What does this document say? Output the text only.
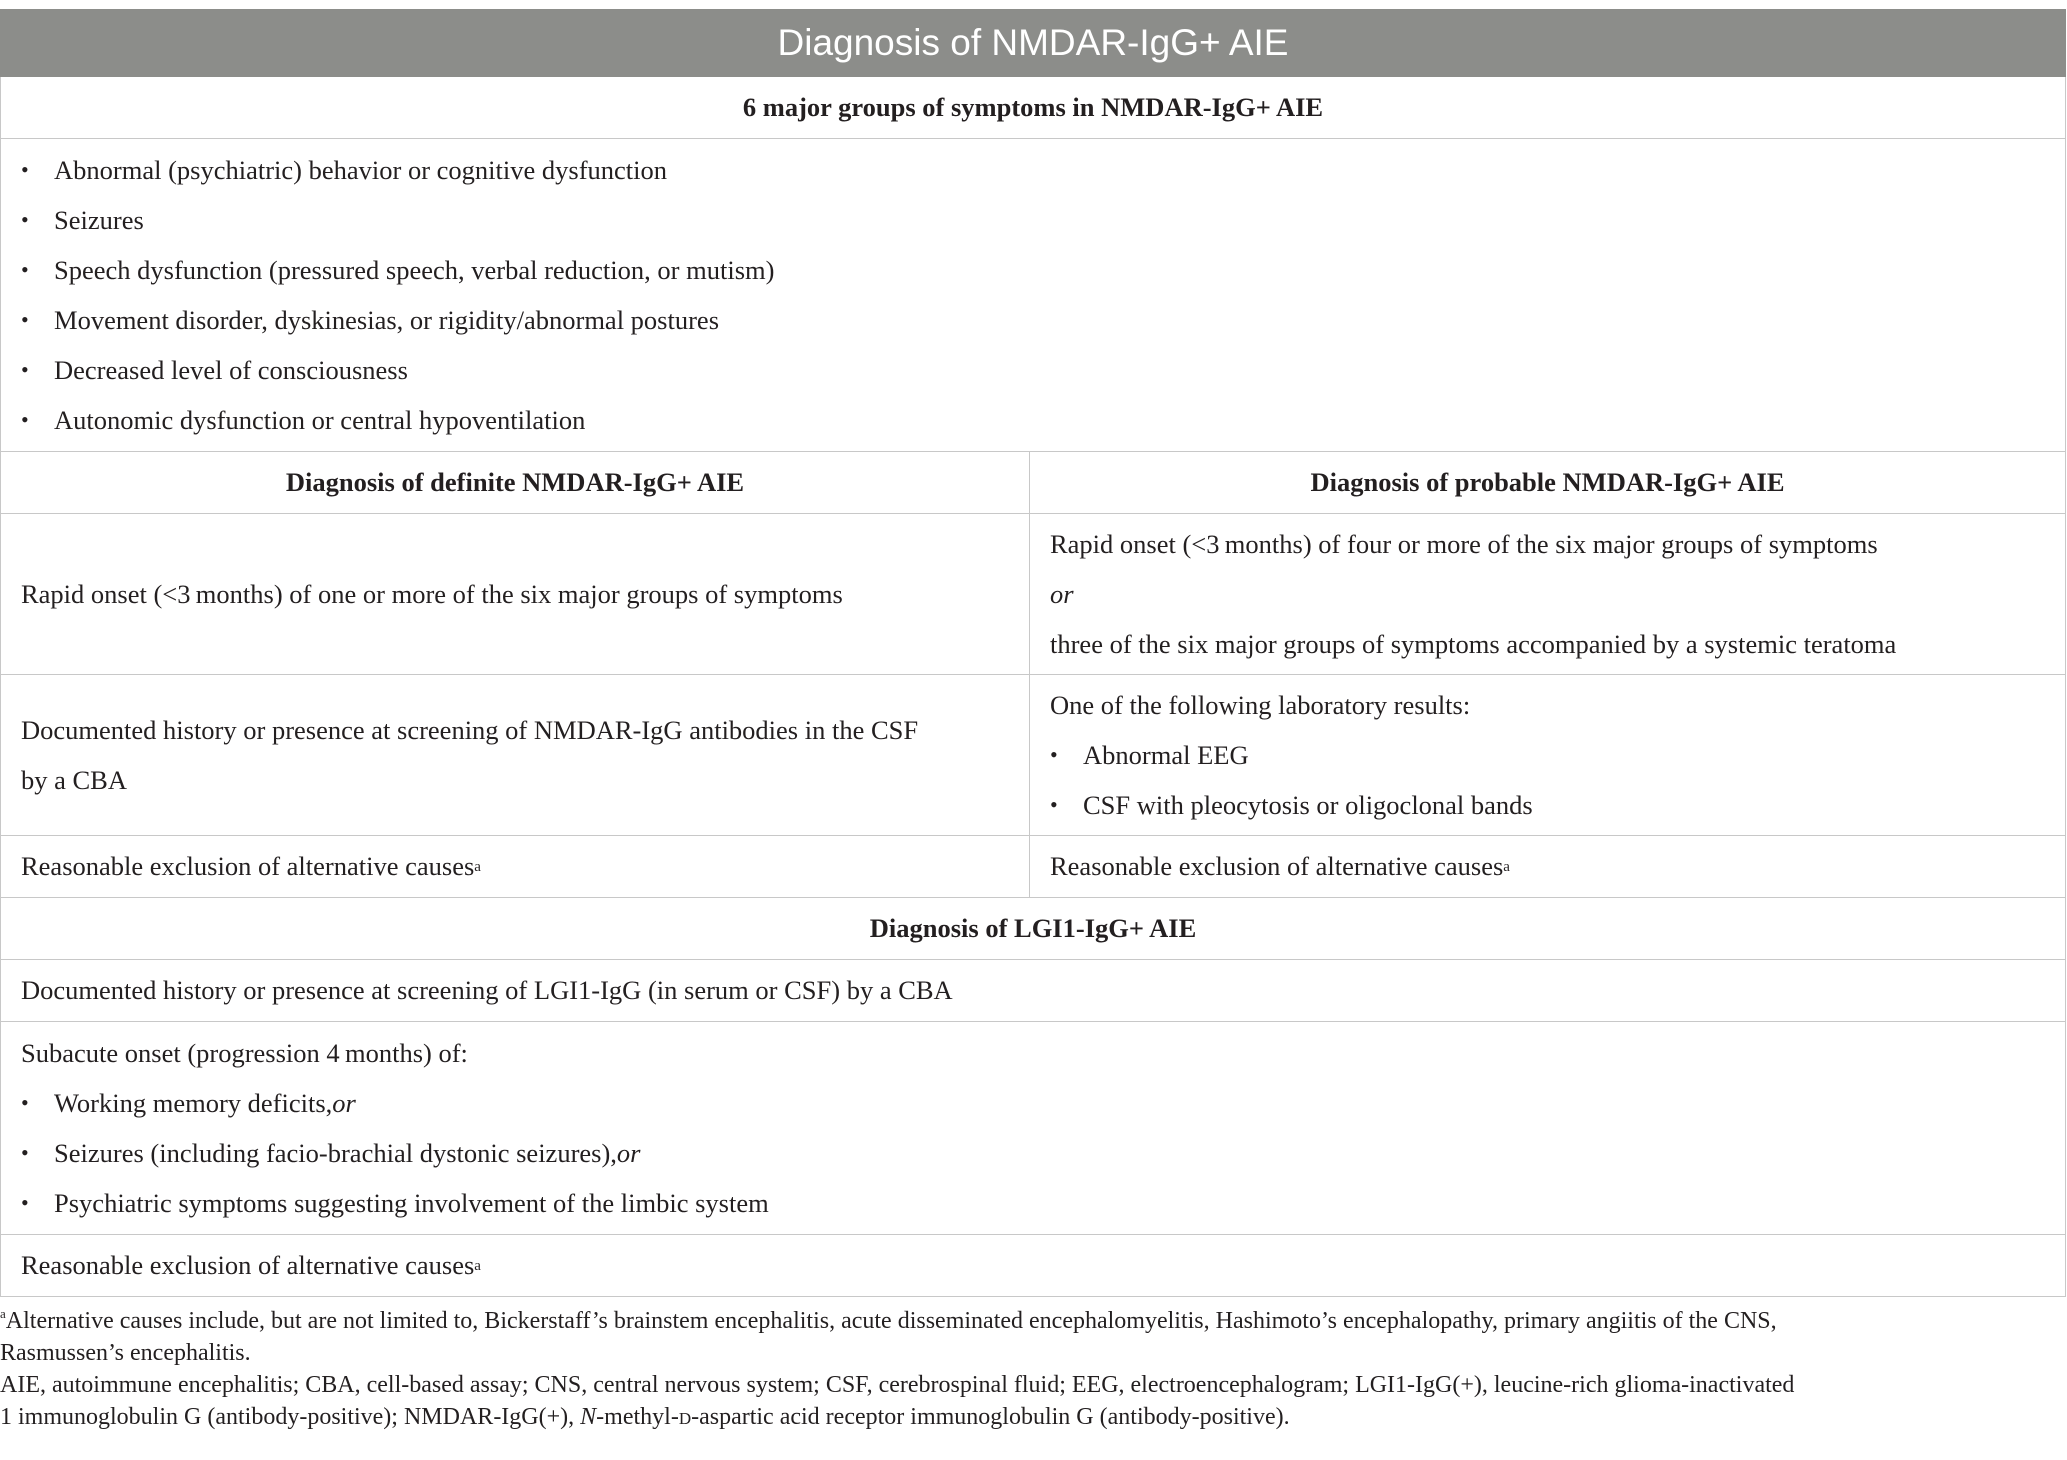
Diagnosis of NMDAR-IgG+ AIE
6 major groups of symptoms in NMDAR-IgG+ AIE
• Abnormal (psychiatric) behavior or cognitive dysfunction
• Seizures
• Speech dysfunction (pressured speech, verbal reduction, or mutism)
• Movement disorder, dyskinesias, or rigidity/abnormal postures
• Decreased level of consciousness
• Autonomic dysfunction or central hypoventilation
Diagnosis of definite NMDAR-IgG+ AIE	Diagnosis of probable NMDAR-IgG+ AIE
Rapid onset (<3 months) of one or more of the six major groups of symptoms
Rapid onset (<3 months) of four or more of the six major groups of symptoms
or
three of the six major groups of symptoms accompanied by a systemic teratoma
Documented history or presence at screening of NMDAR-IgG antibodies in the CSF
by a CBA
One of the following laboratory results:
• Abnormal EEG
• CSF with pleocytosis or oligoclonal bands
Reasonable exclusion of alternative causes a	Reasonable exclusion of alternative causes a
Diagnosis of LGI1-IgG+ AIE
Documented history or presence at screening of LGI1-IgG (in serum or CSF) by a CBA
Subacute onset (progression 4 months) of:
• Working memory deficits, or
• Seizures (including facio-brachial dystonic seizures), or
• Psychiatric symptoms suggesting involvement of the limbic system
Reasonable exclusion of alternative causes a
$^a$Alternative causes include, but are not limited to, Bickerstaff’s brainstem encephalitis, acute disseminated encephalomyelitis, Hashimoto’s encephalopathy, primary angiitis of the CNS,
Rasmussen’s encephalitis.
AIE, autoimmune encephalitis; CBA, cell-based assay; CNS, central nervous system; CSF, cerebrospinal fluid; EEG, electroencephalogram; LGI1-IgG(+), leucine-rich glioma-inactivated
1 immunoglobulin G (antibody-positive); NMDAR-IgG(+), N-methyl-d-aspartic acid receptor immunoglobulin G (antibody-positive).
